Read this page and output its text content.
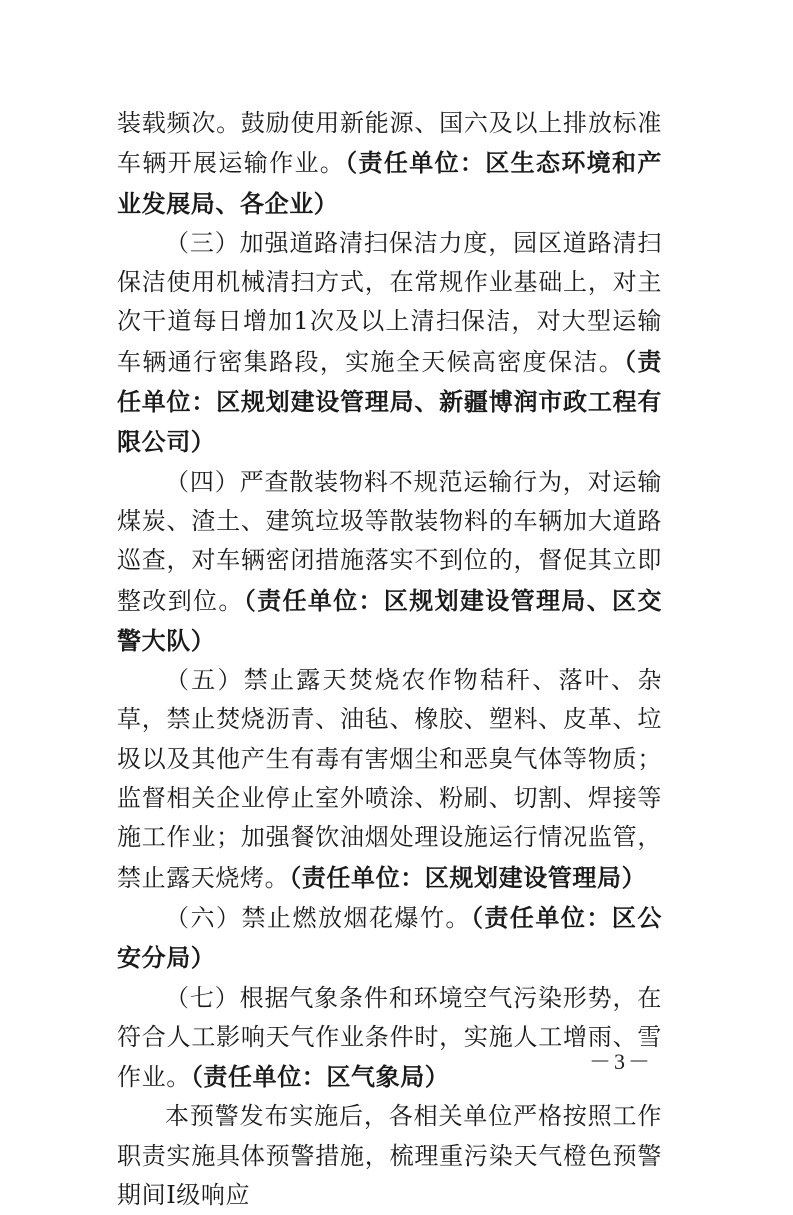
装载频次。鼓励使用新能源、国六及以上排放标准车辆开展运输作业。（责任单位：区生态环境和产业发展局、各企业）

（三）加强道路清扫保洁力度，园区道路清扫保洁使用机械清扫方式，在常规作业基础上，对主次干道每日增加1次及以上清扫保洁，对大型运输车辆通行密集路段，实施全天候高密度保洁。（责任单位：区规划建设管理局、新疆博润市政工程有限公司）

（四）严查散装物料不规范运输行为，对运输煤炭、渣土、建筑垃圾等散装物料的车辆加大道路巡查，对车辆密闭措施落实不到位的，督促其立即整改到位。（责任单位：区规划建设管理局、区交警大队）

（五）禁止露天焚烧农作物秸秆、落叶、杂草，禁止焚烧沥青、油毡、橡胶、塑料、皮革、垃圾以及其他产生有毒有害烟尘和恶臭气体等物质；监督相关企业停止室外喷涂、粉刷、切割、焊接等施工作业；加强餐饮油烟处理设施运行情况监管，禁止露天烧烤。（责任单位：区规划建设管理局）

（六）禁止燃放烟花爆竹。（责任单位：区公安分局）

（七）根据气象条件和环境空气污染形势，在符合人工影响天气作业条件时，实施人工增雨、雪作业。（责任单位：区气象局）

本预警发布实施后，各相关单位严格按照工作职责实施具体预警措施，梳理重污染天气橙色预警期间Ⅰ级响应

－3－
